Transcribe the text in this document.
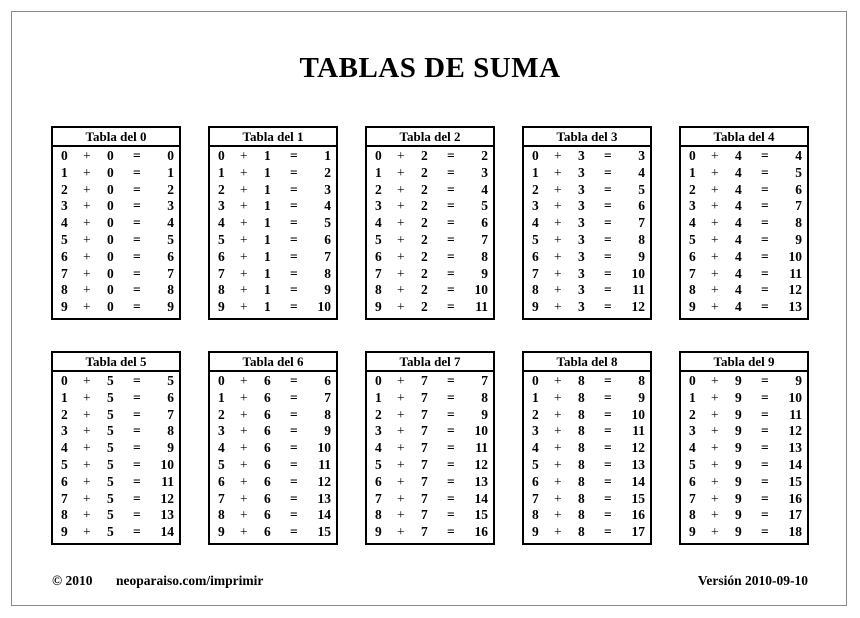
TABLAS DE SUMA
Tabla del 0
0 + 0 = 0
1 + 0 = 1
2 + 0 = 2
3 + 0 = 3
4 + 0 = 4
5 + 0 = 5
6 + 0 = 6
7 + 0 = 7
8 + 0 = 8
9 + 0 = 9
Tabla del 1
0 + 1 = 1
1 + 1 = 2
2 + 1 = 3
3 + 1 = 4
4 + 1 = 5
5 + 1 = 6
6 + 1 = 7
7 + 1 = 8
8 + 1 = 9
9 + 1 = 10
Tabla del 2
0 + 2 = 2
1 + 2 = 3
2 + 2 = 4
3 + 2 = 5
4 + 2 = 6
5 + 2 = 7
6 + 2 = 8
7 + 2 = 9
8 + 2 = 10
9 + 2 = 11
Tabla del 3
0 + 3 = 3
1 + 3 = 4
2 + 3 = 5
3 + 3 = 6
4 + 3 = 7
5 + 3 = 8
6 + 3 = 9
7 + 3 = 10
8 + 3 = 11
9 + 3 = 12
Tabla del 4
0 + 4 = 4
1 + 4 = 5
2 + 4 = 6
3 + 4 = 7
4 + 4 = 8
5 + 4 = 9
6 + 4 = 10
7 + 4 = 11
8 + 4 = 12
9 + 4 = 13
Tabla del 5
0 + 5 = 5
1 + 5 = 6
2 + 5 = 7
3 + 5 = 8
4 + 5 = 9
5 + 5 = 10
6 + 5 = 11
7 + 5 = 12
8 + 5 = 13
9 + 5 = 14
Tabla del 6
0 + 6 = 6
1 + 6 = 7
2 + 6 = 8
3 + 6 = 9
4 + 6 = 10
5 + 6 = 11
6 + 6 = 12
7 + 6 = 13
8 + 6 = 14
9 + 6 = 15
Tabla del 7
0 + 7 = 7
1 + 7 = 8
2 + 7 = 9
3 + 7 = 10
4 + 7 = 11
5 + 7 = 12
6 + 7 = 13
7 + 7 = 14
8 + 7 = 15
9 + 7 = 16
Tabla del 8
0 + 8 = 8
1 + 8 = 9
2 + 8 = 10
3 + 8 = 11
4 + 8 = 12
5 + 8 = 13
6 + 8 = 14
7 + 8 = 15
8 + 8 = 16
9 + 8 = 17
Tabla del 9
0 + 9 = 9
1 + 9 = 10
2 + 9 = 11
3 + 9 = 12
4 + 9 = 13
5 + 9 = 14
6 + 9 = 15
7 + 9 = 16
8 + 9 = 17
9 + 9 = 18
© 2010 neoparaiso.com/imprimir	Versión 2010-09-10
